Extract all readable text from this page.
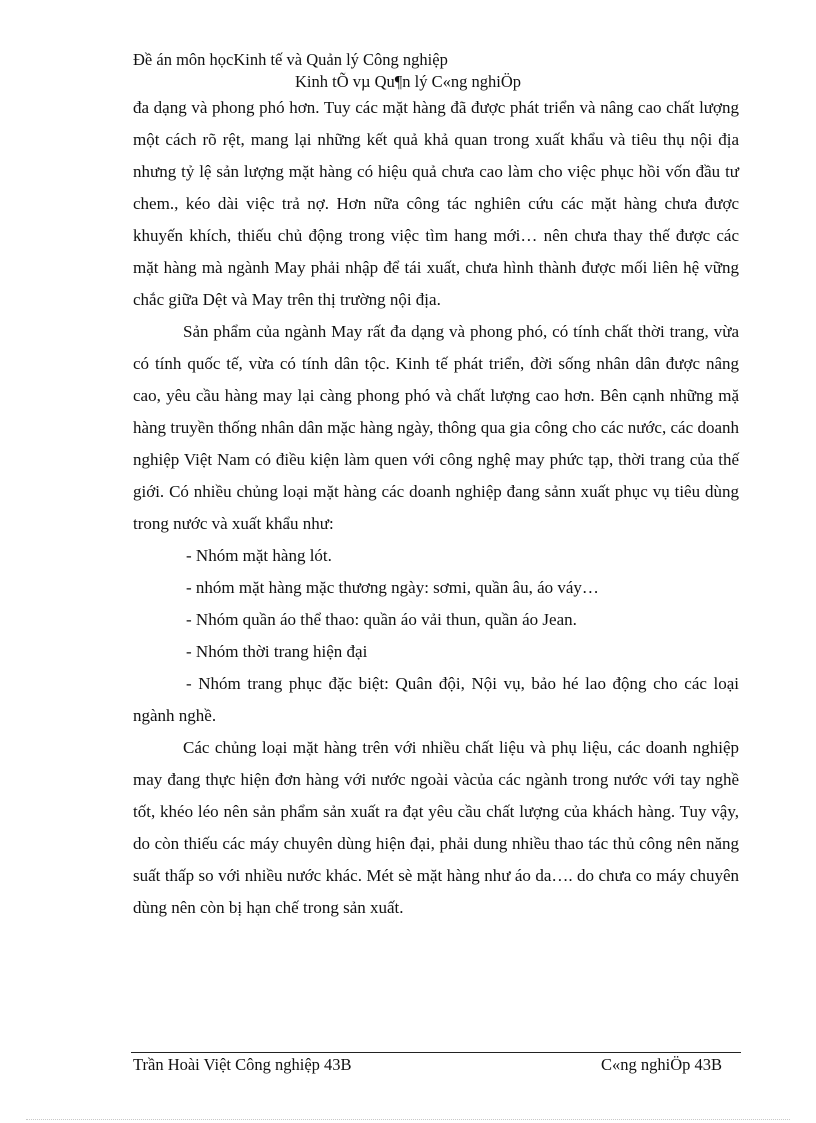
Đề án môn họcKinh tế và Quản lý Công nghiệp
Kinh tÕ vµ Qu¶n lý C«ng nghiÖp

đa dạng và phong phó hơn. Tuy các mặt hàng đã được phát triển và nâng cao chất lượng một cách rõ rệt, mang lại những kết quả khả quan trong xuất khẩu và tiêu thụ nội địa nhưng tỷ lệ sản lượng mặt hàng có hiệu quả chưa cao làm cho việc phục hồi vốn đầu tư chem., kéo dài việc trả nợ. Hơn nữa công tác nghiên cứu các mặt hàng chưa được khuyến khích, thiếu chủ động trong việc tìm hang mới… nên chưa thay thế được các mặt hàng mà ngành May phải nhập để tái xuất, chưa hình thành được mối liên hệ vững chắc giữa Dệt và May trên thị trường nội địa.

Sản phẩm của ngành May rất đa dạng và phong phó, có tính chất thời trang, vừa có tính quốc tế, vừa có tính dân tộc. Kinh tế phát triển, đời sống nhân dân được nâng cao, yêu cầu hàng may lại càng phong phó và chất lượng cao hơn. Bên cạnh những mặ hàng truyền thống nhân dân mặc hàng ngày, thông qua gia công cho các nước, các doanh nghiệp Việt Nam có điều kiện làm quen với công nghệ may phức tạp, thời trang của thế giới. Có nhiều chủng loại mặt hàng các doanh nghiệp đang sảnn xuất phục vụ tiêu dùng trong nước và xuất khẩu như:

- Nhóm mặt hàng lót.

- nhóm mặt hàng mặc thương ngày: sơmi, quần âu, áo váy…

- Nhóm quần áo thể thao: quần áo vải thun, quần áo Jean.

- Nhóm thời trang hiện đại

- Nhóm trang phục đặc biệt: Quân đội, Nội vụ, bảo hé lao động cho các loại ngành nghề.

Các chủng loại mặt hàng trên với nhiều chất liệu và phụ liệu, các doanh nghiệp may đang thực hiện đơn hàng với nước ngoài vàcủa các ngành trong nước với tay nghề tốt, khéo léo nên sản phẩm sản xuất ra đạt yêu cầu chất lượng của khách hàng. Tuy vậy, do còn thiếu các máy chuyên dùng hiện đại, phải dung nhiều thao tác thủ công nên năng suất thấp so với nhiều nước khác. Mét sè mặt hàng như áo da…. do chưa co máy chuyên dùng nên còn bị hạn chế trong sản xuất.

Trần Hoài Việt Công nghiệp 43B	C«ng nghiÖp 43B
